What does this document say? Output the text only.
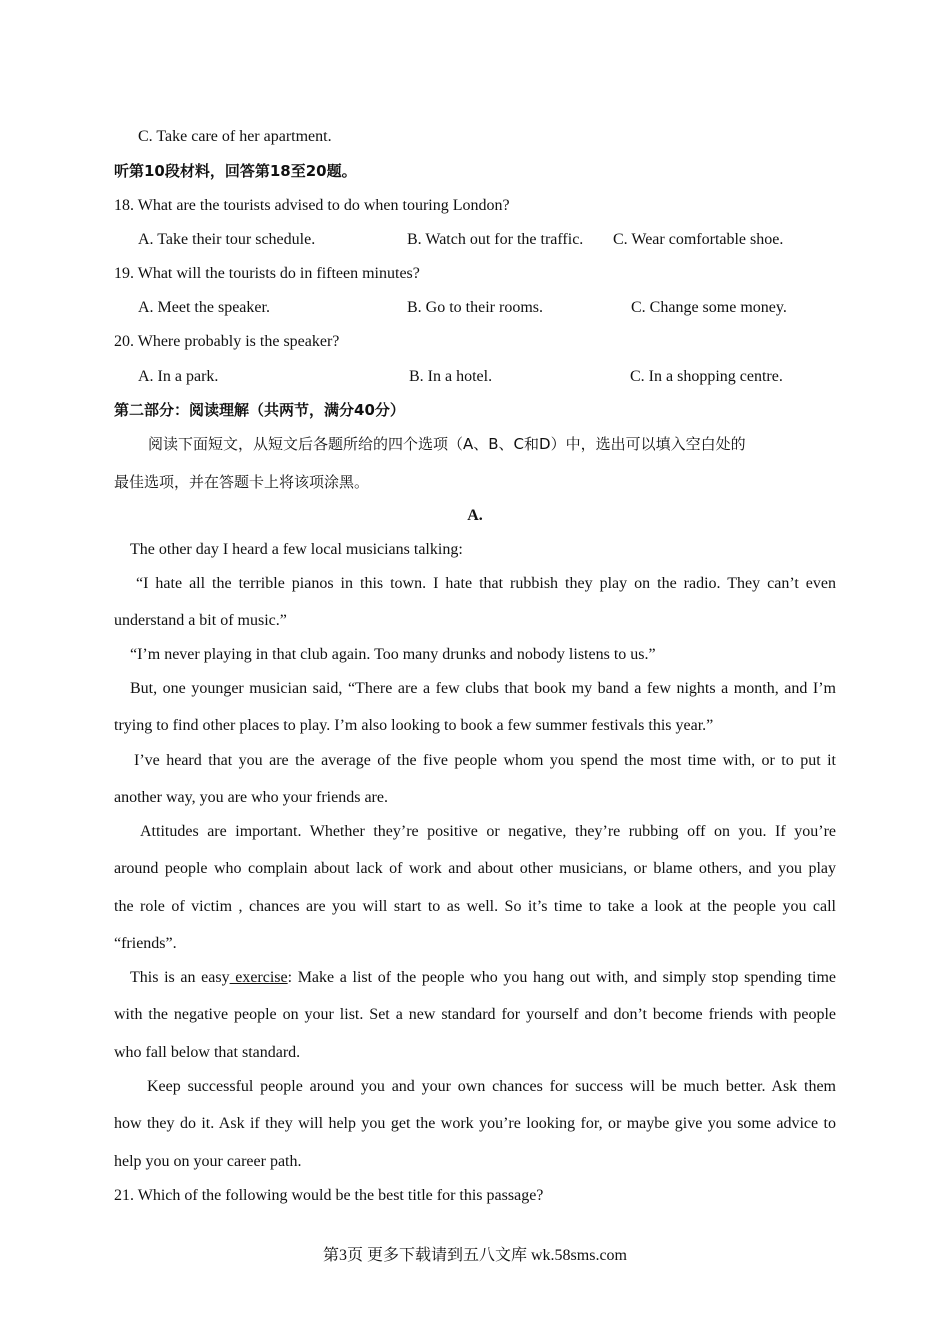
C. Take care of her apartment.
听第10段材料，回答第18至20题。
18. What are the tourists advised to do when touring London?
A. Take their tour schedule.	B. Watch out for the traffic. C. Wear comfortable shoe.
19. What will the tourists do in fifteen minutes?
A. Meet the speaker.	B. Go to their rooms.	C. Change some money.
20. Where probably is the speaker?
A. In a park.	B. In a hotel.	C. In a shopping centre.
第二部分：阅读理解（共两节，满分40分）
阅读下面短文，从短文后各题所给的四个选项（A、B、C和D）中，选出可以填入空白处的
最佳选项，并在答题卡上将该项涂黑。
A.
The other day I heard a few local musicians talking:
“I hate all the terrible pianos in this town. I hate that rubbish they play on the radio. They can’t even
understand a bit of music.”
“I’m never playing in that club again. Too many drunks and nobody listens to us.”
But, one younger musician said, “There are a few clubs that book my band a few nights a month, and I’m
trying to find other places to play. I’m also looking to book a few summer festivals this year.”
I’ve heard that you are the average of the five people whom you spend the most time with, or to put it
another way, you are who your friends are.
Attitudes are important. Whether they’re positive or negative, they’re rubbing off on you. If you’re
around people who complain about lack of work and about other musicians, or blame others, and you play
the role of victim , chances are you will start to as well. So it’s time to take a look at the people you call
“friends”.
This is an easy exercise: Make a list of the people who you hang out with, and simply stop spending time
with the negative people on your list. Set a new standard for yourself and don’t become friends with people
who fall below that standard.
Keep successful people around you and your own chances for success will be much better. Ask them
how they do it. Ask if they will help you get the work you’re looking for, or maybe give you some advice to
help you on your career path.
21. Which of the following would be the best title for this passage?
第3页 更多下载请到五八文库 wk.58sms.com
